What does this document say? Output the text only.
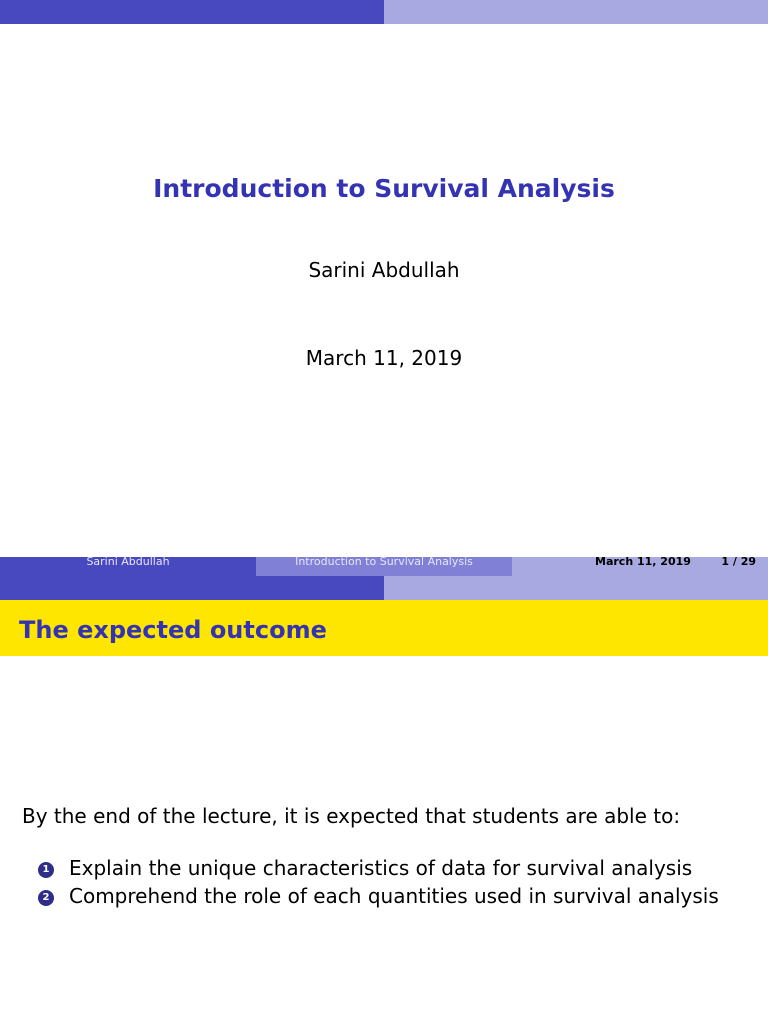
Introduction to Survival Analysis
Sarini Abdullah
March 11, 2019
Sarini Abdullah	Introduction to Survival Analysis	March 11, 2019	1 / 29
The expected outcome
By the end of the lecture, it is expected that students are able to:
1 Explain the unique characteristics of data for survival analysis
2 Comprehend the role of each quantities used in survival analysis
